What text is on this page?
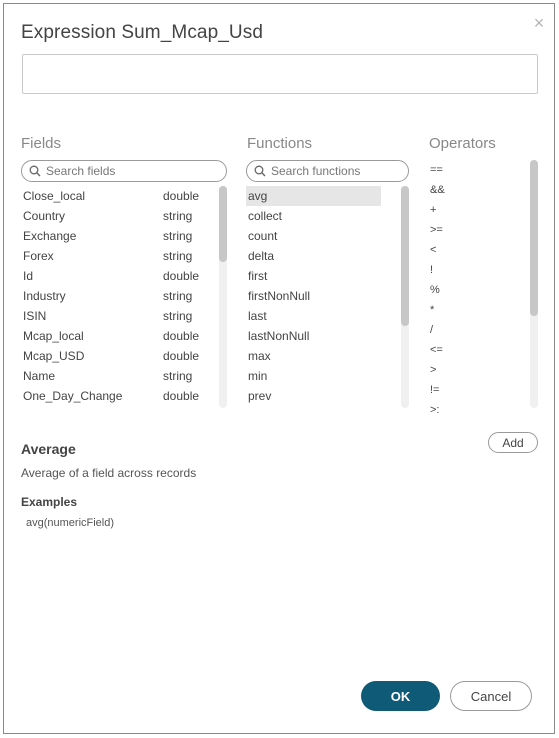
×
Expression Sum_Mcap_Usd
Fields	Functions	Operators
Search fields
Search functions
Close_local	double
Country	string
Exchange	string
Forex	string
Id	double
Industry	string
ISIN	string
Mcap_local	double
Mcap_USD	double
Name	string
One_Day_Change	double
avg
collect
count
delta
first
firstNonNull
last
lastNonNull
max
min
prev
==
&&
+
>=
<
!
%
*
/
<=
>
!=
>:
Add
Average
Average of a field across records
Examples
avg(numericField)
OK	Cancel
